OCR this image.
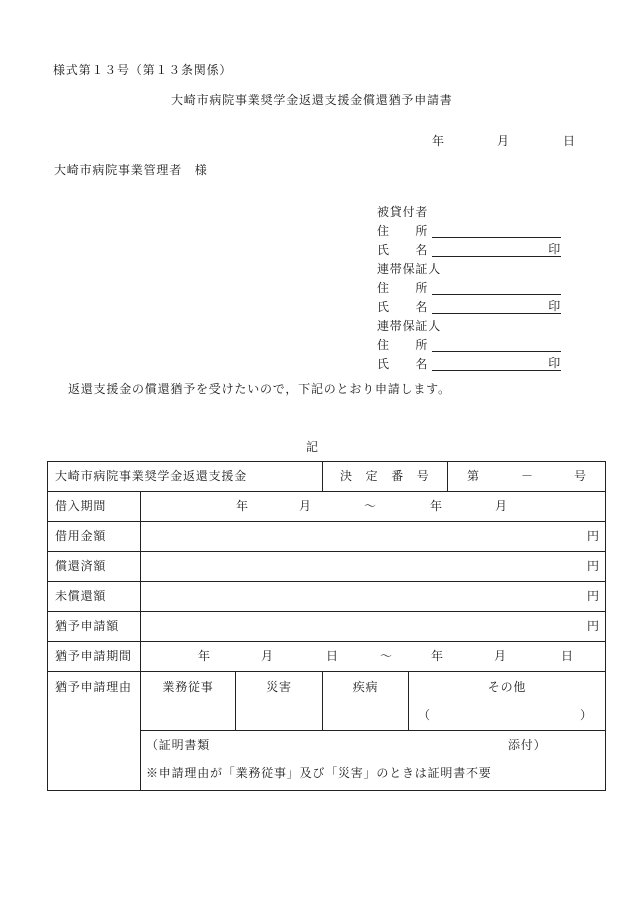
様式第１３号（第１３条関係）
大崎市病院事業奨学金返還支援金償還猶予申請書
年	月	日
大崎市病院事業管理者　様
被貸付者
住　　所
氏　　名	印
連帯保証人
住　　所
氏　　名	印
連帯保証人
住　　所
氏　　名	印
返還支援金の償還猶予を受けたいので，下記のとおり申請します。
記
大崎市病院事業奨学金返還支援金	決　定　番　号	第	－	号
借入期間	年	月	〜	年	月
借用金額	円
償還済額	円
未償還額	円
猶予申請額	円
猶予申請期間	年	月	日	〜	年	月	日
猶予申請理由	業務従事	災害	疾病	その他
（	）
（証明書類	添付）
※申請理由が「業務従事」及び「災害」のときは証明書不要
